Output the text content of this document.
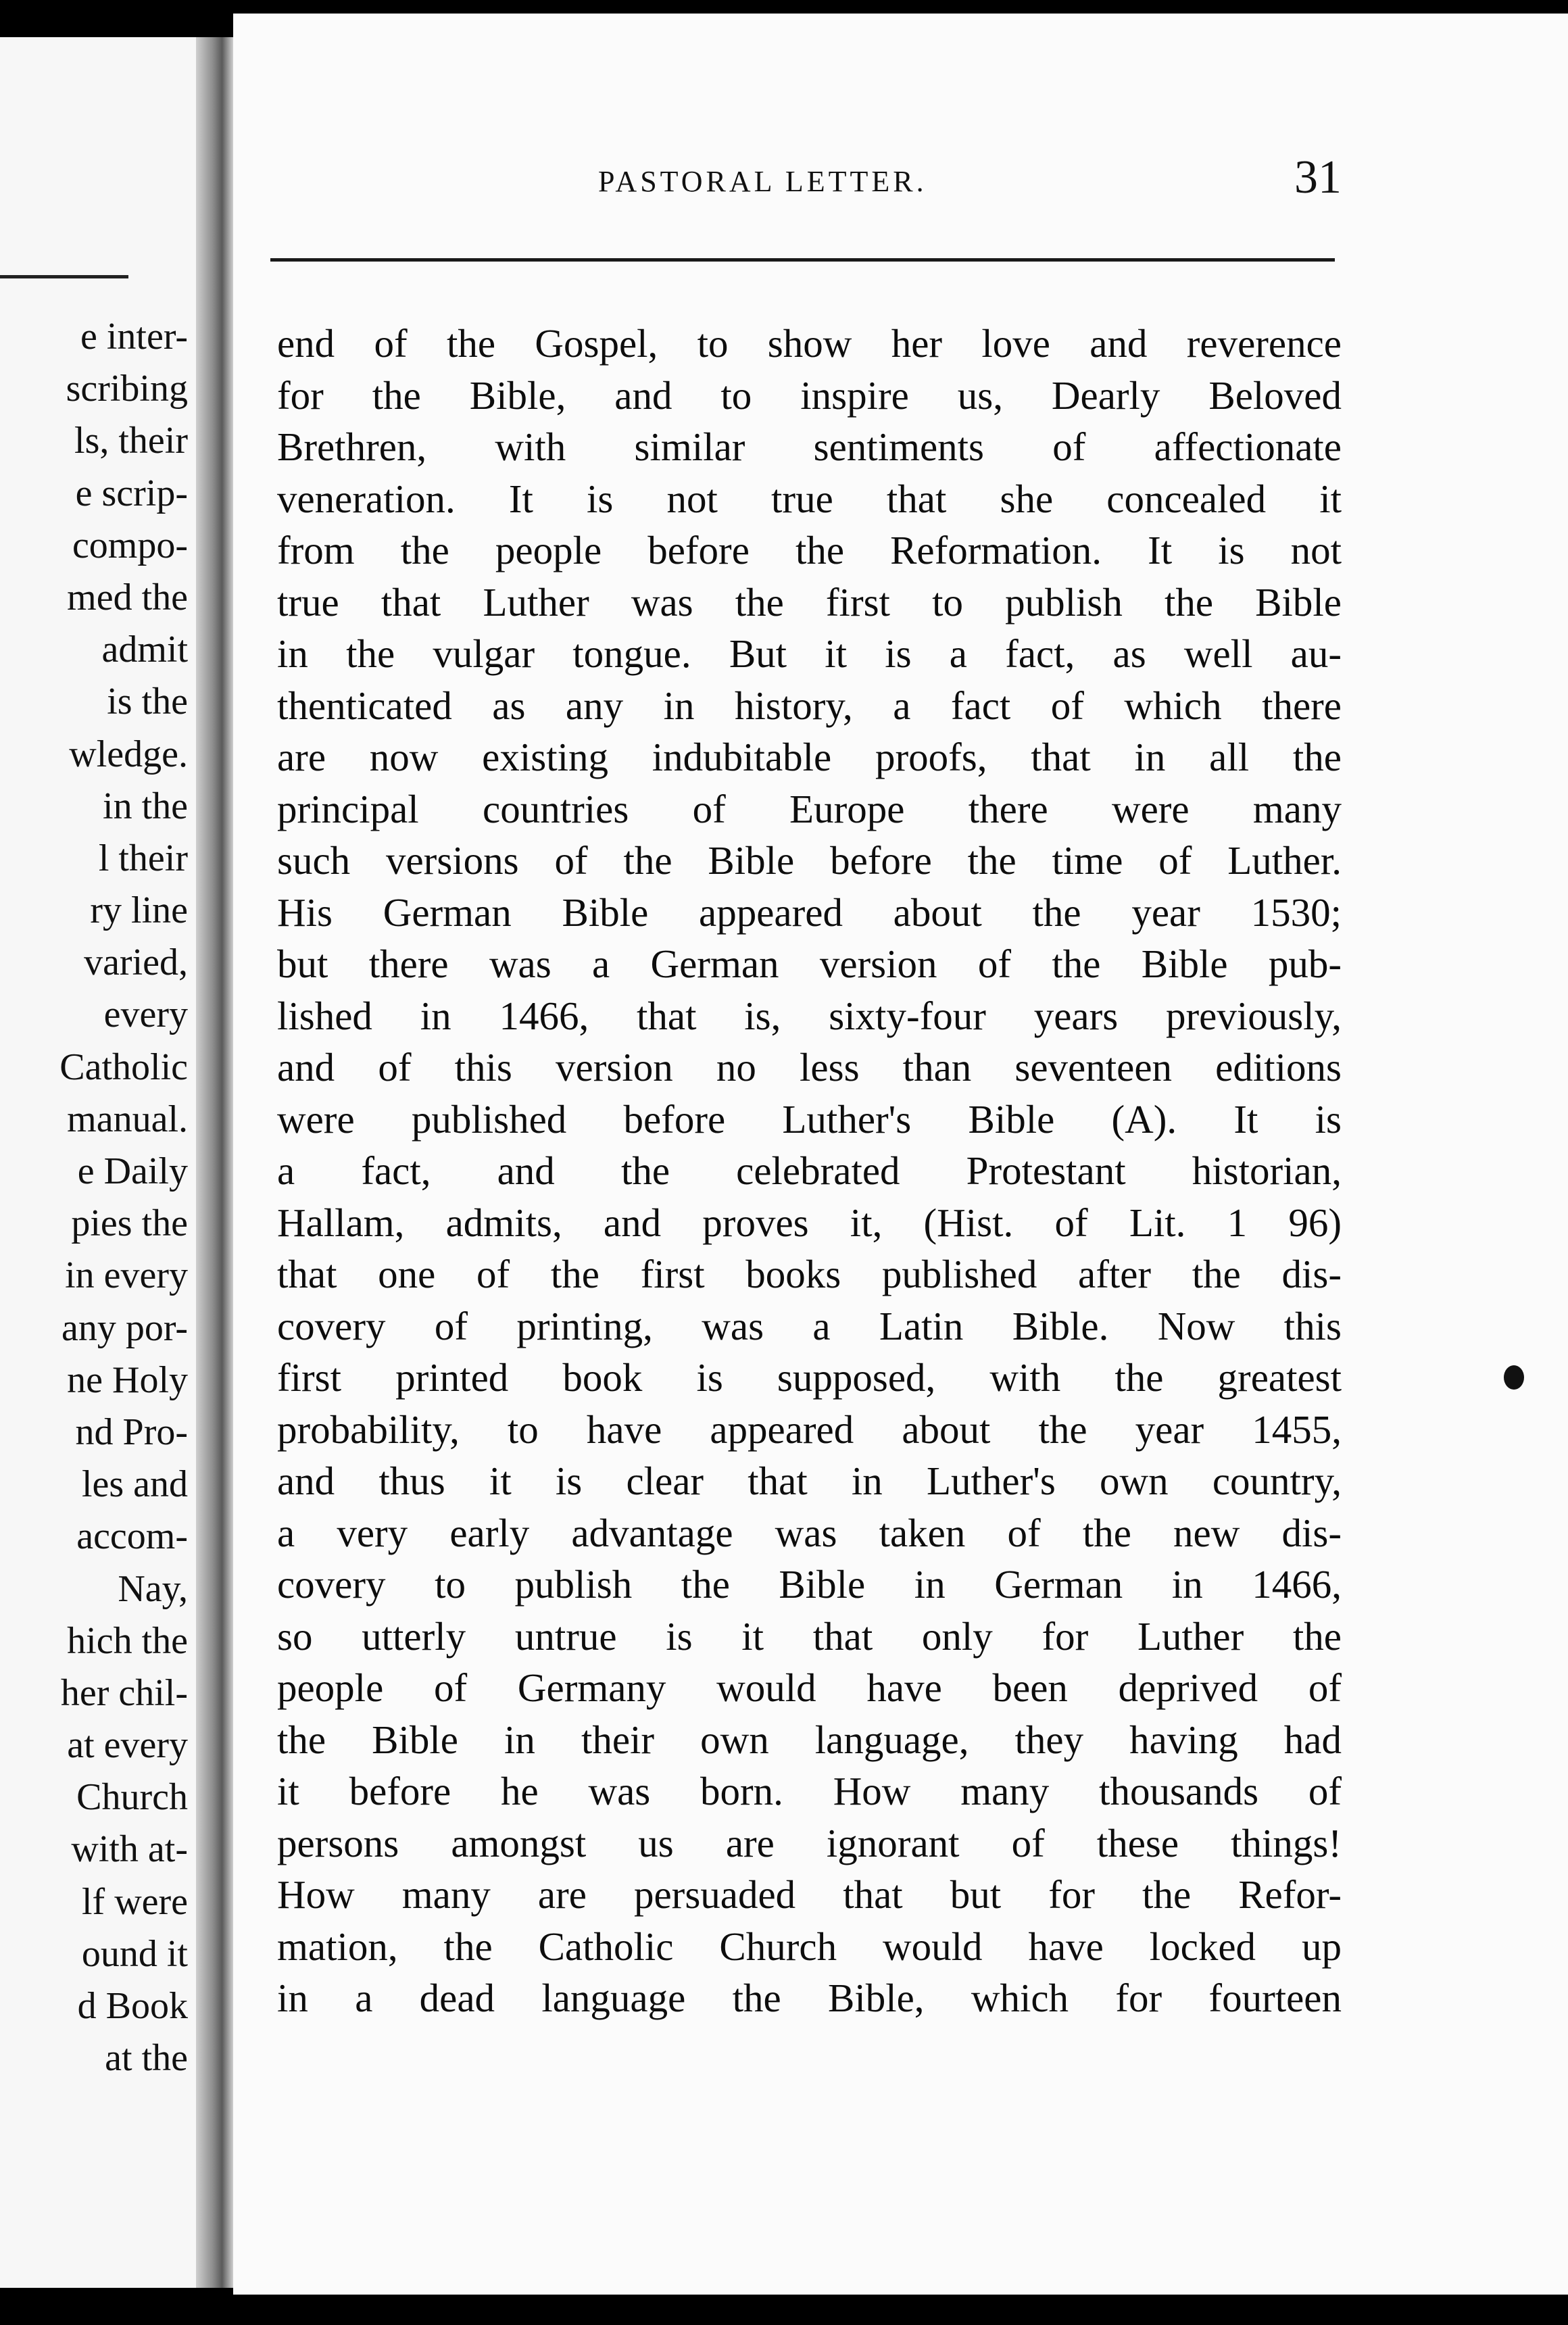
e inter-
scribing
ls, their
e scrip-
compo-
med the
admit
is the
wledge.
in the
l their
ry line
varied,
every
Catholic
manual.
e Daily
pies the
in every
any por-
ne Holy
nd Pro-
les and
accom-
Nay,
hich the
her chil-
at every
Church
with at-
lf were
ound it
d Book
at the
PASTORAL LETTER.	31
end of the Gospel, to show her love and reverence
for the Bible, and to inspire us, Dearly Beloved
Brethren, with similar sentiments of affectionate
veneration. It is not true that she concealed it
from the people before the Reformation. It is not
true that Luther was the first to publish the Bible
in the vulgar tongue. But it is a fact, as well au-
thenticated as any in history, a fact of which there
are now existing indubitable proofs, that in all the
principal countries of Europe there were many
such versions of the Bible before the time of Luther.
His German Bible appeared about the year 1530;
but there was a German version of the Bible pub-
lished in 1466, that is, sixty-four years previously,
and of this version no less than seventeen editions
were published before Luther's Bible (A). It is
a fact, and the celebrated Protestant historian,
Hallam, admits, and proves it, (Hist. of Lit. 1 96)
that one of the first books published after the dis-
covery of printing, was a Latin Bible. Now this
first printed book is supposed, with the greatest
probability, to have appeared about the year 1455,
and thus it is clear that in Luther's own country,
a very early advantage was taken of the new dis-
covery to publish the Bible in German in 1466,
so utterly untrue is it that only for Luther the
people of Germany would have been deprived of
the Bible in their own language, they having had
it before he was born. How many thousands of
persons amongst us are ignorant of these things!
How many are persuaded that but for the Refor-
mation, the Catholic Church would have locked up
in a dead language the Bible, which for fourteen
